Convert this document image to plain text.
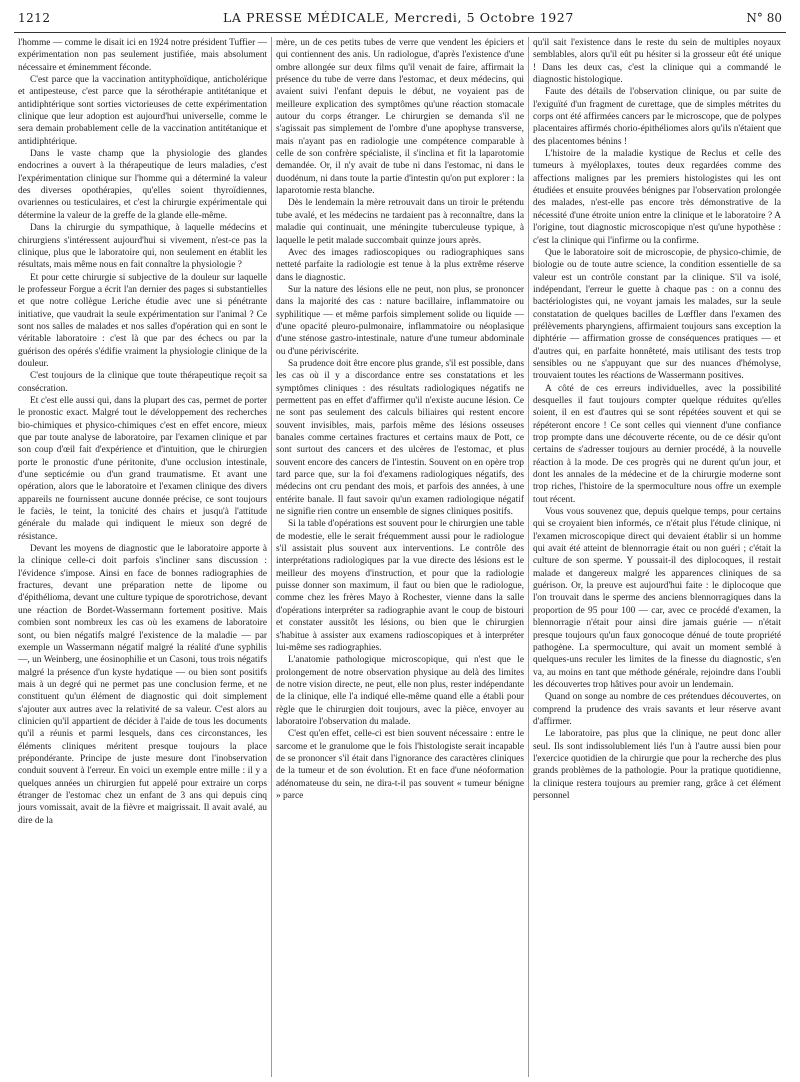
1212	LA PRESSE MÉDICALE, Mercredi, 5 Octobre 1927	N° 80

l'homme — comme le disait ici en 1924 notre président Tuffier — expérimentation non pas seulement justifiée, mais absolument nécessaire et éminemment féconde.

C'est parce que la vaccination antityphoïdique, anticholérique et antipesteuse, c'est parce que la sérothérapie antitétanique et antidiphtérique sont sorties victorieuses de cette expérimentation clinique que leur adoption est aujourd'hui universelle, comme le sera demain probablement celle de la vaccination antitétanique et antidiphtérique.

Dans le vaste champ que la physiologie des glandes endocrines a ouvert à la thérapeutique de leurs maladies, c'est l'expérimentation clinique sur l'homme qui a déterminé la valeur des diverses opothérapies, qu'elles soient thyroïdiennes, ovariennes ou testiculaires, et c'est la chirurgie expérimentale qui détermine la valeur de la greffe de la glande elle-même.

Dans la chirurgie du sympathique, à laquelle médecins et chirurgiens s'intéressent aujourd'hui si vivement, n'est-ce pas la clinique, plus que le laboratoire qui, non seulement en établit les résultats, mais même nous en fait connaître la physiologie ?

Et pour cette chirurgie si subjective de la douleur sur laquelle le professeur Forgue a écrit l'an dernier des pages si substantielles et que notre collègue Leriche étudie avec une si pénétrante initiative, que vaudrait la seule expérimentation sur l'animal ? Ce sont nos salles de malades et nos salles d'opération qui en sont le véritable laboratoire : c'est là que par des échecs ou par la guérison des opérés s'édifie vraiment la physiologie clinique de la douleur.

C'est toujours de la clinique que toute thérapeutique reçoit sa consécration.

Et c'est elle aussi qui, dans la plupart des cas, permet de porter le pronostic exact. Malgré tout le développement des recherches bio-chimiques et physico-chimiques c'est en effet encore, mieux que par toute analyse de laboratoire, par l'examen clinique et par son coup d'œil fait d'expérience et d'intuition, que le chirurgien porte le pronostic d'une péritonite, d'une occlusion intestinale, d'une septicémie ou d'un grand traumatisme. Et avant une opération, alors que le laboratoire et l'examen clinique des divers appareils ne fournissent aucune donnée précise, ce sont toujours le faciès, le teint, la tonicité des chairs et jusqu'à l'attitude générale du malade qui indiquent le mieux son degré de résistance.

Devant les moyens de diagnostic que le laboratoire apporte à la clinique celle-ci doit parfois s'incliner sans discussion : l'évidence s'impose. Ainsi en face de bonnes radiographies de fractures, devant une préparation nette de lipome ou d'épithélioma, devant une culture typique de sporotrichose, devant une réaction de Bordet-Wassermann fortement positive. Mais combien sont nombreux les cas où les examens de laboratoire sont, ou bien négatifs malgré l'existence de la maladie — par exemple un Wassermann négatif malgré la réalité d'une syphilis —, un Weinberg, une éosinophilie et un Casoni, tous trois négatifs malgré la présence d'un kyste hydatique — ou bien sont positifs mais à un degré qui ne permet pas une conclusion ferme, et ne constituent qu'un élément de diagnostic qui doit simplement s'ajouter aux autres avec la relativité de sa valeur. C'est alors au clinicien qu'il appartient de décider à l'aide de tous les documents qu'il a réunis et parmi lesquels, dans ces circonstances, les éléments cliniques méritent presque toujours la place prépondérante. Principe de juste mesure dont l'inobservation conduit souvent à l'erreur. En voici un exemple entre mille : il y a quelques années un chirurgien fut appelé pour extraire un corps étranger de l'estomac chez un enfant de 3 ans qui depuis cinq jours vomissait, avait de la fièvre et maigrissait. Il avait avalé, au dire de la

mère, un de ces petits tubes de verre que vendent les épiciers et qui contiennent des anis. Un radiologue, d'après l'existence d'une ombre allongée sur deux films qu'il venait de faire, affirmait la présence du tube de verre dans l'estomac, et deux médecins, qui avaient suivi l'enfant depuis le début, ne voyaient pas de meilleure explication des symptômes qu'une réaction stomacale autour du corps étranger. Le chirurgien se demanda s'il ne s'agissait pas simplement de l'ombre d'une apophyse transverse, mais n'ayant pas en radiologie une compétence comparable à celle de son confrère spécialiste, il s'inclina et fit la laparotomie demandée. Or, il n'y avait de tube ni dans l'estomac, ni dans le duodénum, ni dans toute la partie d'intestin qu'on put explorer : la laparotomie resta blanche.

Dès le lendemain la mère retrouvait dans un tiroir le prétendu tube avalé, et les médecins ne tardaient pas à reconnaître, dans la maladie qui continuait, une méningite tuberculeuse typique, à laquelle le petit malade succombait quinze jours après.

Avec des images radioscopiques ou radiographiques sans netteté parfaite la radiologie est tenue à la plus extrême réserve dans le diagnostic.

Sur la nature des lésions elle ne peut, non plus, se prononcer dans la majorité des cas : nature bacillaire, inflammatoire ou syphilitique — et même parfois simplement solide ou liquide — d'une opacité pleuro-pulmonaire, inflammatoire ou néoplasique d'une sténose gastro-intestinale, nature d'une tumeur abdominale ou d'une périviscérite.

Sa prudence doit être encore plus grande, s'il est possible, dans les cas où il y a discordance entre ses constatations et les symptômes cliniques : des résultats radiologiques négatifs ne permettent pas en effet d'affirmer qu'il n'existe aucune lésion. Ce ne sont pas seulement des calculs biliaires qui restent encore souvent invisibles, mais, parfois même des lésions osseuses banales comme certaines fractures et certains maux de Pott, ce sont surtout des cancers et des ulcères de l'estomac, et plus souvent encore des cancers de l'intestin. Souvent on en opère trop tard parce que, sur la foi d'examens radiologiques négatifs, des médecins ont cru pendant des mois, et parfois des années, à une entérite banale. Il faut savoir qu'un examen radiologique négatif ne signifie rien contre un ensemble de signes cliniques positifs.

Si la table d'opérations est souvent pour le chirurgien une table de modestie, elle le serait fréquemment aussi pour le radiologue s'il assistait plus souvent aux interventions. Le contrôle des interprétations radiologiques par la vue directe des lésions est le meilleur des moyens d'instruction, et pour que la radiologie puisse donner son maximum, il faut ou bien que le radiologue, comme chez les frères Mayo à Rochester, vienne dans la salle d'opérations interpréter sa radiographie avant le coup de bistouri et constater aussitôt les lésions, ou bien que le chirurgien s'habitue à assister aux examens radioscopiques et à interpréter lui-même ses radiographies.

L'anatomie pathologique microscopique, qui n'est que le prolongement de notre observation physique au delà des limites de notre vision directe, ne peut, elle non plus, rester indépendante de la clinique, elle l'a indiqué elle-même quand elle a établi pour règle que le chirurgien doit toujours, avec la pièce, envoyer au laboratoire l'observation du malade.

C'est qu'en effet, celle-ci est bien souvent nécessaire : entre le sarcome et le granulome que le fois l'histologiste serait incapable de se prononcer s'il était dans l'ignorance des caractères cliniques de la tumeur et de son évolution. Et en face d'une néoformation adénomateuse du sein, ne dira-t-il pas souvent « tumeur bénigne » parce

qu'il sait l'existence dans le reste du sein de multiples noyaux semblables, alors qu'il eût pu hésiter si la grosseur eût été unique ! Dans les deux cas, c'est la clinique qui a commandé le diagnostic histologique.

Faute des détails de l'observation clinique, ou par suite de l'exiguïté d'un fragment de curettage, que de simples métrites du corps ont été affirmées cancers par le microscope, que de polypes placentaires affirmés chorio-épithéliomes alors qu'ils n'étaient que des placentomes bénins !

L'histoire de la maladie kystique de Reclus et celle des tumeurs à myéloplaxes, toutes deux regardées comme des affections malignes par les premiers histologistes qui les ont étudiées et ensuite prouvées bénignes par l'observation prolongée des malades, n'est-elle pas encore très démonstrative de la nécessité d'une étroite union entre la clinique et le laboratoire ? A l'origine, tout diagnostic microscopique n'est qu'une hypothèse : c'est la clinique qui l'infirme ou la confirme.

Que le laboratoire soit de microscopie, de physico-chimie, de biologie ou de toute autre science, la condition essentielle de sa valeur est un contrôle constant par la clinique. S'il va isolé, indépendant, l'erreur le guette à chaque pas : on a connu des bactériologistes qui, ne voyant jamais les malades, sur la seule constatation de quelques bacilles de Lœffler dans l'examen des prélèvements pharyngiens, affirmaient toujours sans exception la diphtérie — affirmation grosse de conséquences pratiques — et d'autres qui, en parfaite honnêteté, mais utilisant des tests trop sensibles ou ne s'appuyant que sur des nuances d'hémolyse, trouvaient toutes les réactions de Wassermann positives.

A côté de ces erreurs individuelles, avec la possibilité desquelles il faut toujours compter quelque réduites qu'elles soient, il en est d'autres qui se sont répétées souvent et qui se répéteront encore ! Ce sont celles qui viennent d'une confiance trop prompte dans une découverte récente, ou de ce désir qu'ont certains de s'adresser toujours au dernier procédé, à la nouvelle réaction à la mode. De ces progrès qui ne durent qu'un jour, et dont les annales de la médecine et de la chirurgie moderne sont trop riches, l'histoire de la spermoculture nous offre un exemple tout récent.

Vous vous souvenez que, depuis quelque temps, pour certains qui se croyaient bien informés, ce n'était plus l'étude clinique, ni l'examen microscopique direct qui devaient établir si un homme qui avait été atteint de blennorragie était ou non guéri ; c'était la culture de son sperme. Y poussait-il des diplocoques, il restait malade et dangereux malgré les apparences cliniques de sa guérison. Or, la preuve est aujourd'hui faite : le diplocoque que l'on trouvait dans le sperme des anciens blennorragiques dans la proportion de 95 pour 100 — car, avec ce procédé d'examen, la blennorragie n'était pour ainsi dire jamais guérie — n'était presque toujours qu'un faux gonocoque dénué de toute propriété pathogène. La spermoculture, qui avait un moment semblé à quelques-uns reculer les limites de la finesse du diagnostic, s'en va, au moins en tant que méthode générale, rejoindre dans l'oubli les découvertes trop hâtives pour avoir un lendemain.

Quand on songe au nombre de ces prétendues découvertes, on comprend la prudence des vrais savants et leur réserve avant d'affirmer.

Le laboratoire, pas plus que la clinique, ne peut donc aller seul. Ils sont indissolublement liés l'un à l'autre aussi bien pour l'exercice quotidien de la chirurgie que pour la recherche des plus grands problèmes de la pathologie. Pour la pratique quotidienne, la clinique restera toujours au premier rang, grâce à cet élément personnel
